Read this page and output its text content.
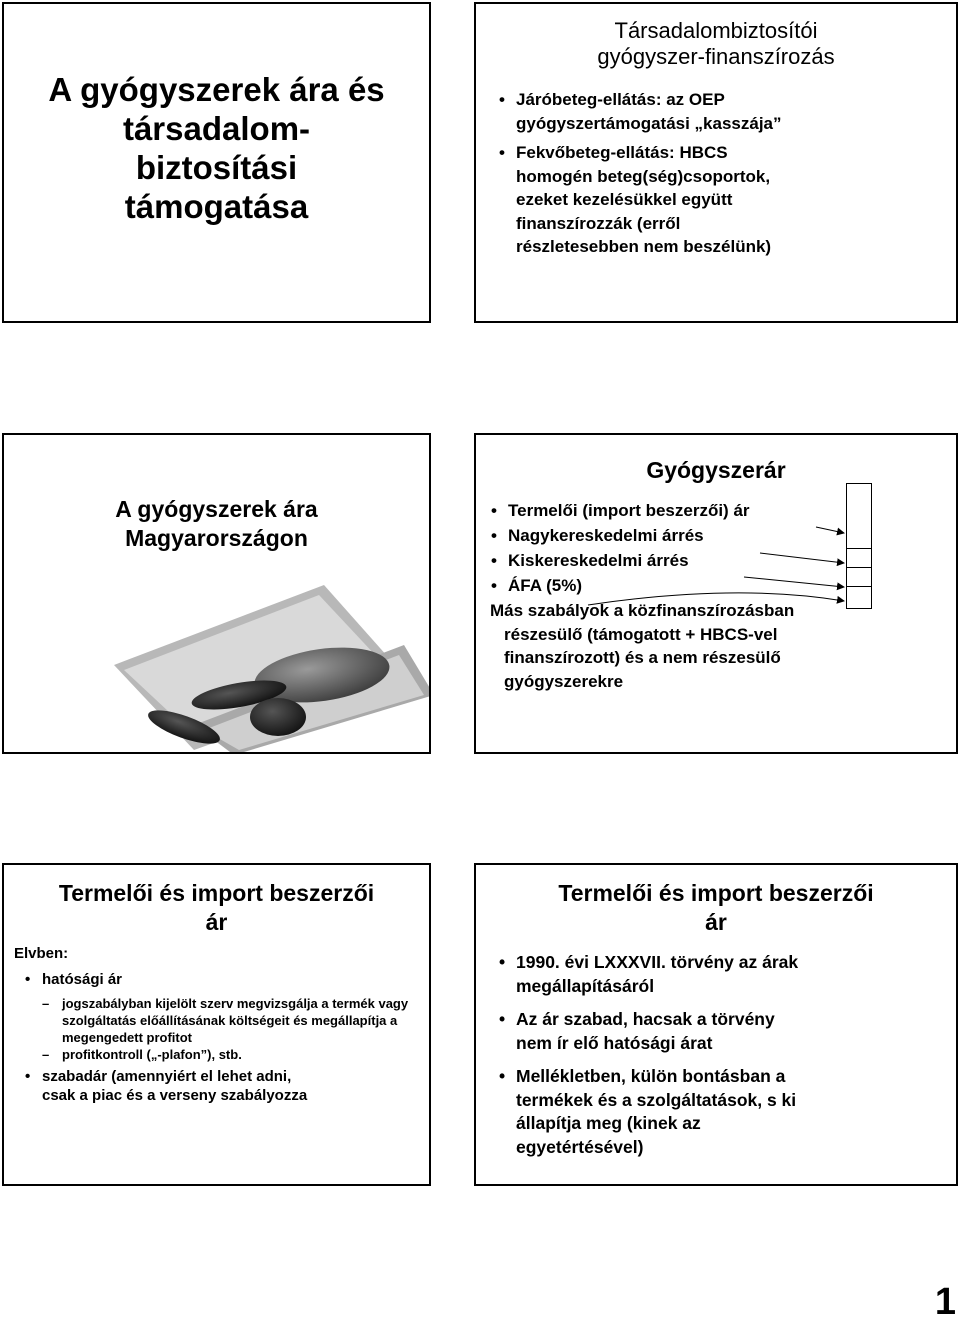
A gyógyszerek ára és
társadalom-
biztosítási
támogatása
Társadalombiztosítói
gyógyszer-finanszírozás
• Járóbeteg-ellátás: az OEP
gyógyszertámogatási „kasszája”
• Fekvőbeteg-ellátás: HBCS
homogén beteg(ség)csoportok,
ezeket kezelésükkel együtt
finanszírozzák (erről
részletesebben nem beszélünk)
A gyógyszerek ára
Magyarországon
Gyógyszerár
• Termelői (import beszerzői) ár
• Nagykereskedelmi árrés
• Kiskereskedelmi árrés
• ÁFA (5%)
Más szabályok a közfinanszírozásban
részesülő (támogatott + HBCS-vel
finanszírozott) és a nem részesülő
gyógyszerekre
Termelői és import beszerzői
ár
Elvben:
• hatósági ár
– jogszabályban kijelölt szerv megvizsgálja a termék vagy szolgáltatás előállításának költségeit és megállapítja a megengedett profitot
– profitkontroll („-plafon”), stb.
• szabadár (amennyiért el lehet adni,
csak a piac és a verseny szabályozza
Termelői és import beszerzői
ár
• 1990. évi LXXXVII. törvény az árak
megállapításáról
• Az ár szabad, hacsak a törvény
nem ír elő hatósági árat
• Mellékletben, külön bontásban a
termékek és a szolgáltatások, s ki
állapítja meg (kinek az
egyetértésével)
1
